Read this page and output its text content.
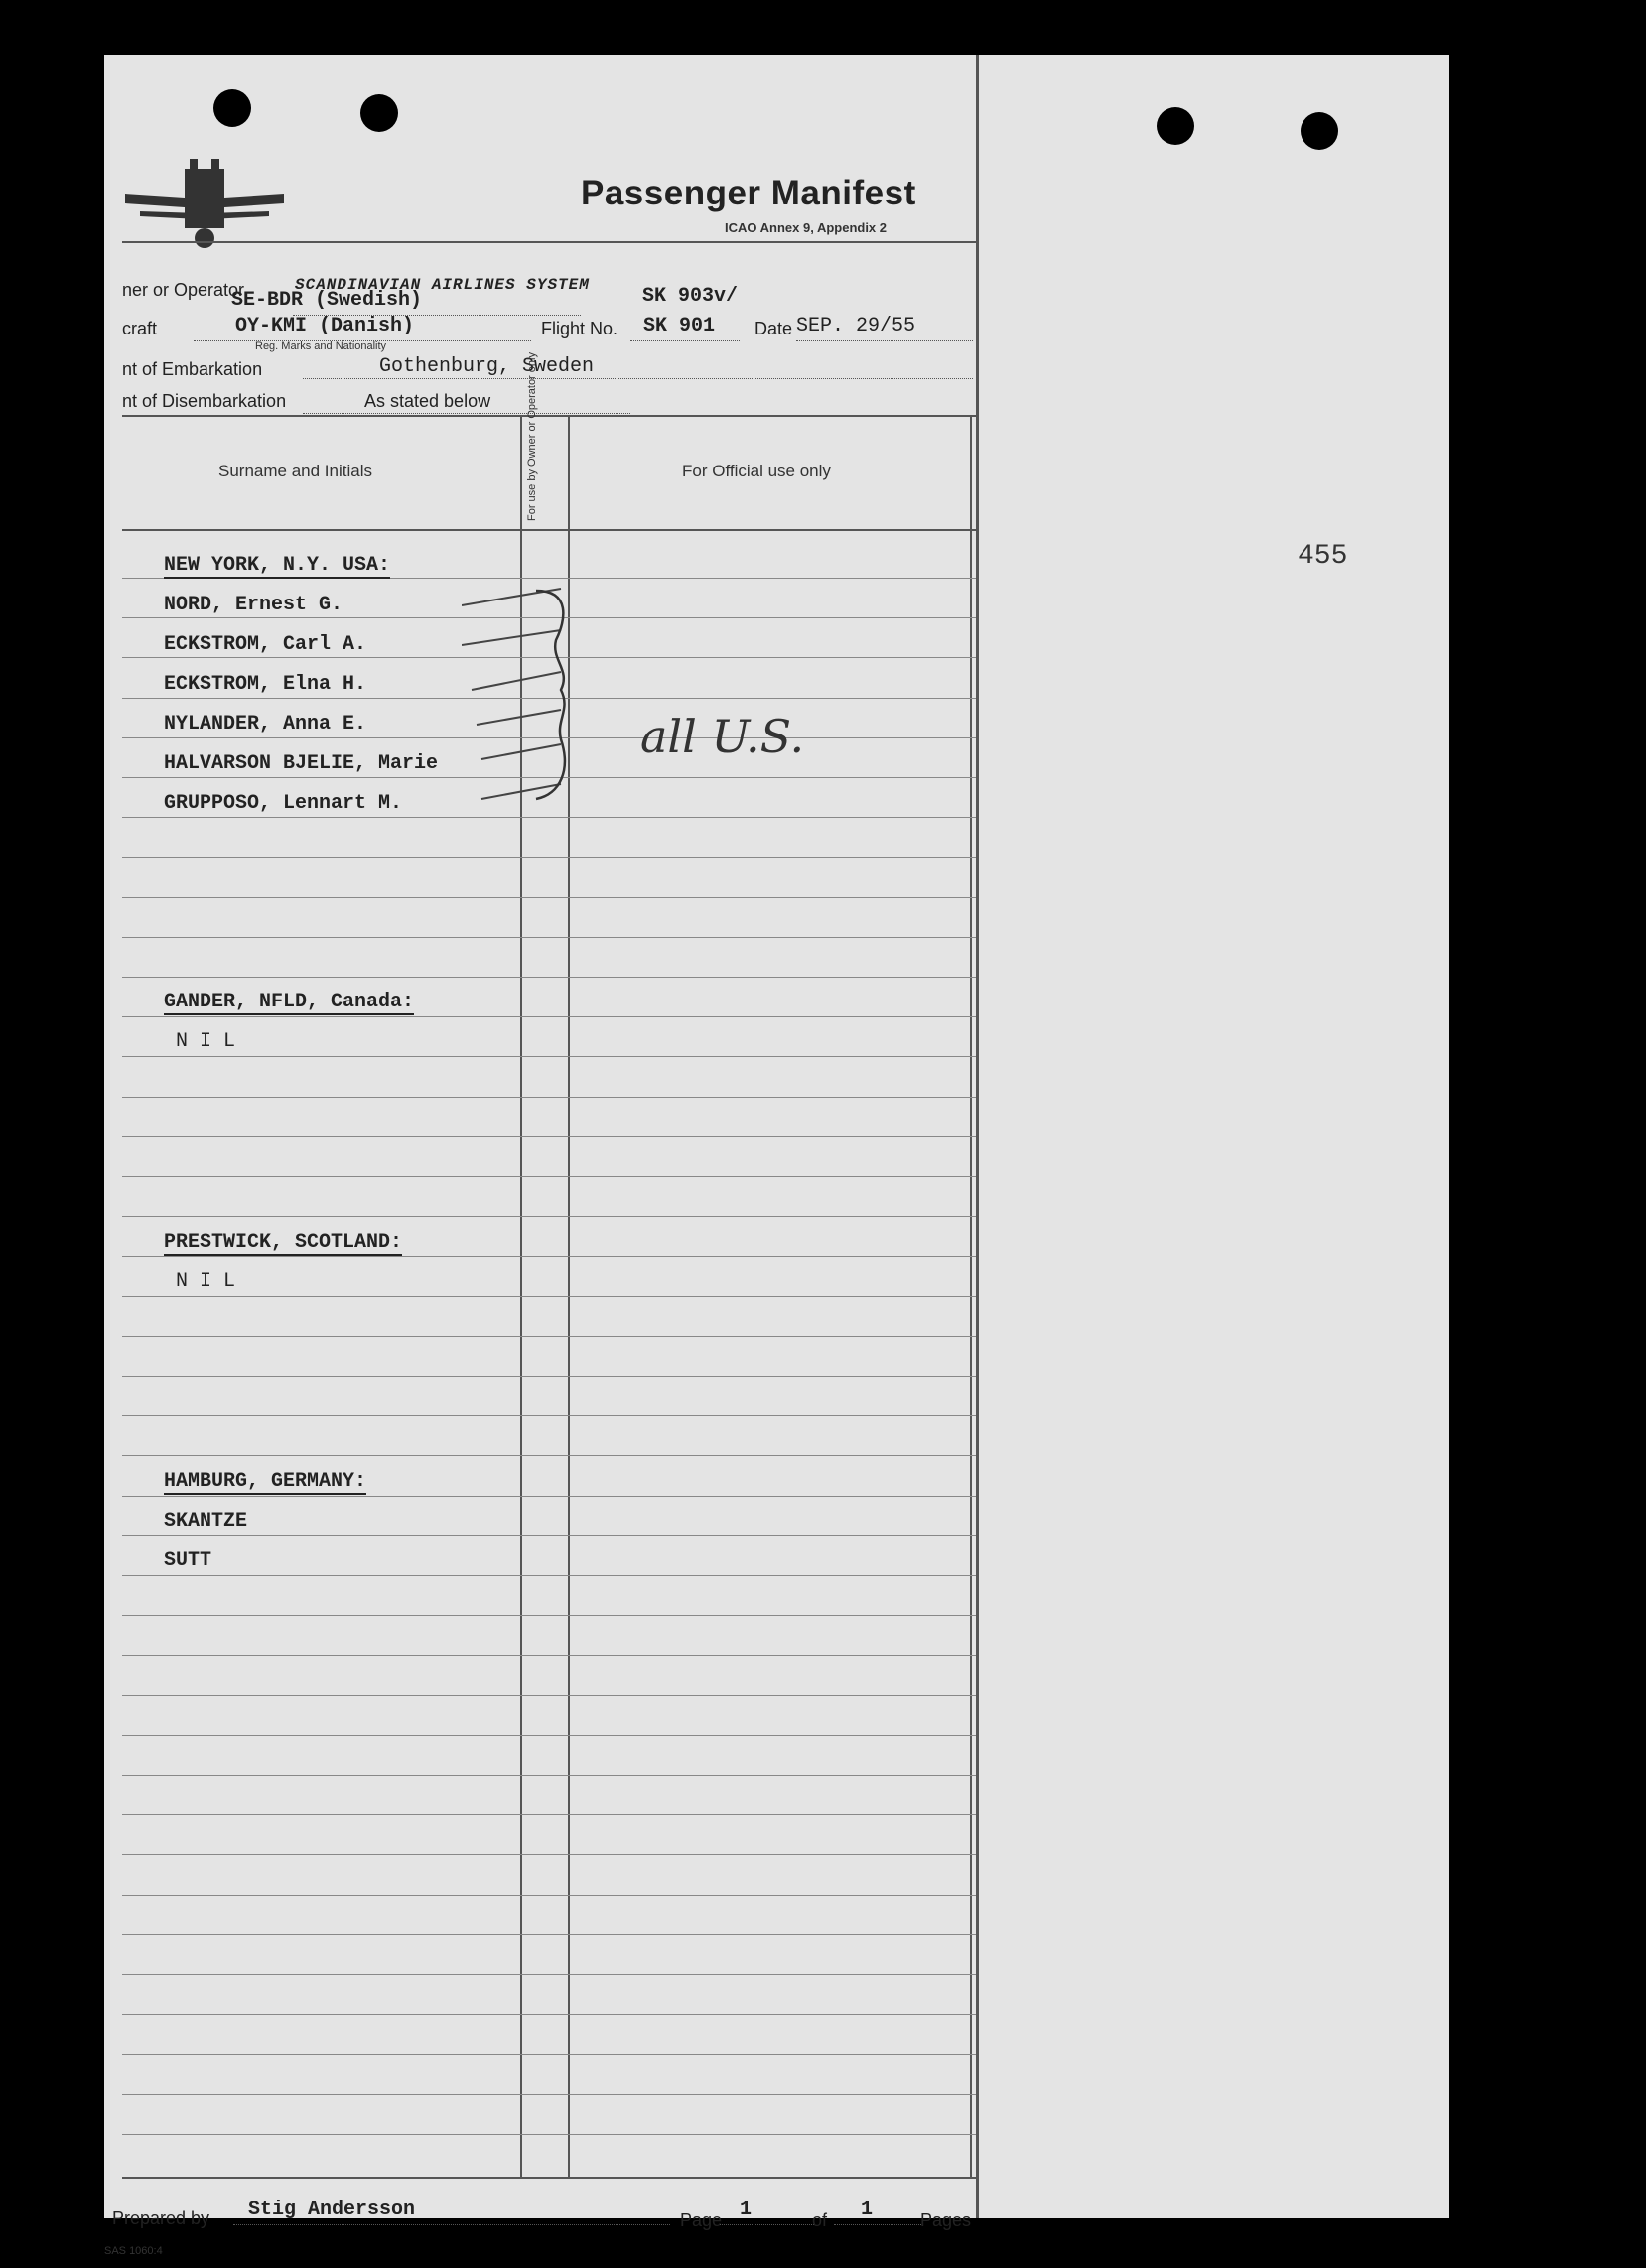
Passenger Manifest
ICAO Annex 9, Appendix 2
ner or Operator	SCANDINAVIAN AIRLINES SYSTEM
SE-BDR (Swedish)	SK 903v/
craft	OY-KMI (Danish)
Reg. Marks and Nationality
Flight No. SK 901 Date SEP. 29/55
nt of Embarkation	Gothenburg, Sweden
nt of Disembarkation	As stated below
Surname and Initials	For use by Owner or Operator only	For Official use only
NEW YORK, N.Y. USA:
NORD, Ernest G.
ECKSTROM, Carl A.
ECKSTROM, Elna H.
NYLANDER, Anna E.
HALVARSON BJELIE, Marie
GRUPPOSO, Lennart M.
GANDER, NFLD, Canada:
N I L
PRESTWICK, SCOTLAND:
N I L
HAMBURG, GERMANY:
SKANTZE
SUTT
all U.S.
Prepared by Stig Andersson	Page 1	of 1	Pages
SAS 1060:4
455
